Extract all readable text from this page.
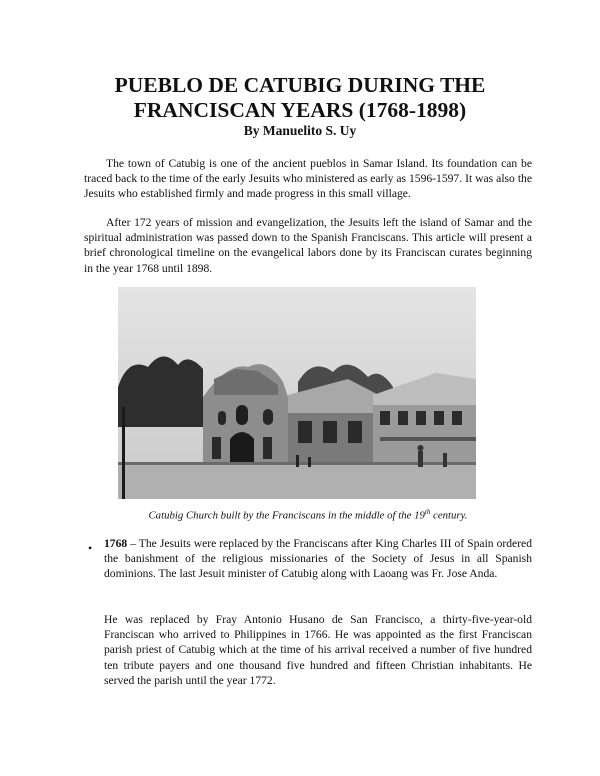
PUEBLO DE CATUBIG DURING THE
FRANCISCAN YEARS (1768-1898)

By Manuelito S. Uy

The town of Catubig is one of the ancient pueblos in Samar Island. Its foundation can be traced back to the time of the early Jesuits who ministered as early as 1596-1597. It was also the Jesuits who established firmly and made progress in this small village.

After 172 years of mission and evangelization, the Jesuits left the island of Samar and the spiritual administration was passed down to the Spanish Franciscans. This article will present a brief chronological timeline on the evangelical labors done by its Franciscan curates beginning in the year 1768 until 1898.

Catubig Church built by the Franciscans in the middle of the 19th century.

• 1768 – The Jesuits were replaced by the Franciscans after King Charles III of Spain ordered the banishment of the religious missionaries of the Society of Jesus in all Spanish dominions. The last Jesuit minister of Catubig along with Laoang was Fr. Jose Anda.

He was replaced by Fray Antonio Husano de San Francisco, a thirty-five-year-old Franciscan who arrived to Philippines in 1766. He was appointed as the first Franciscan parish priest of Catubig which at the time of his arrival received a number of five hundred ten tribute payers and one thousand five hundred and fifteen Christian inhabitants. He served the parish until the year 1772.
